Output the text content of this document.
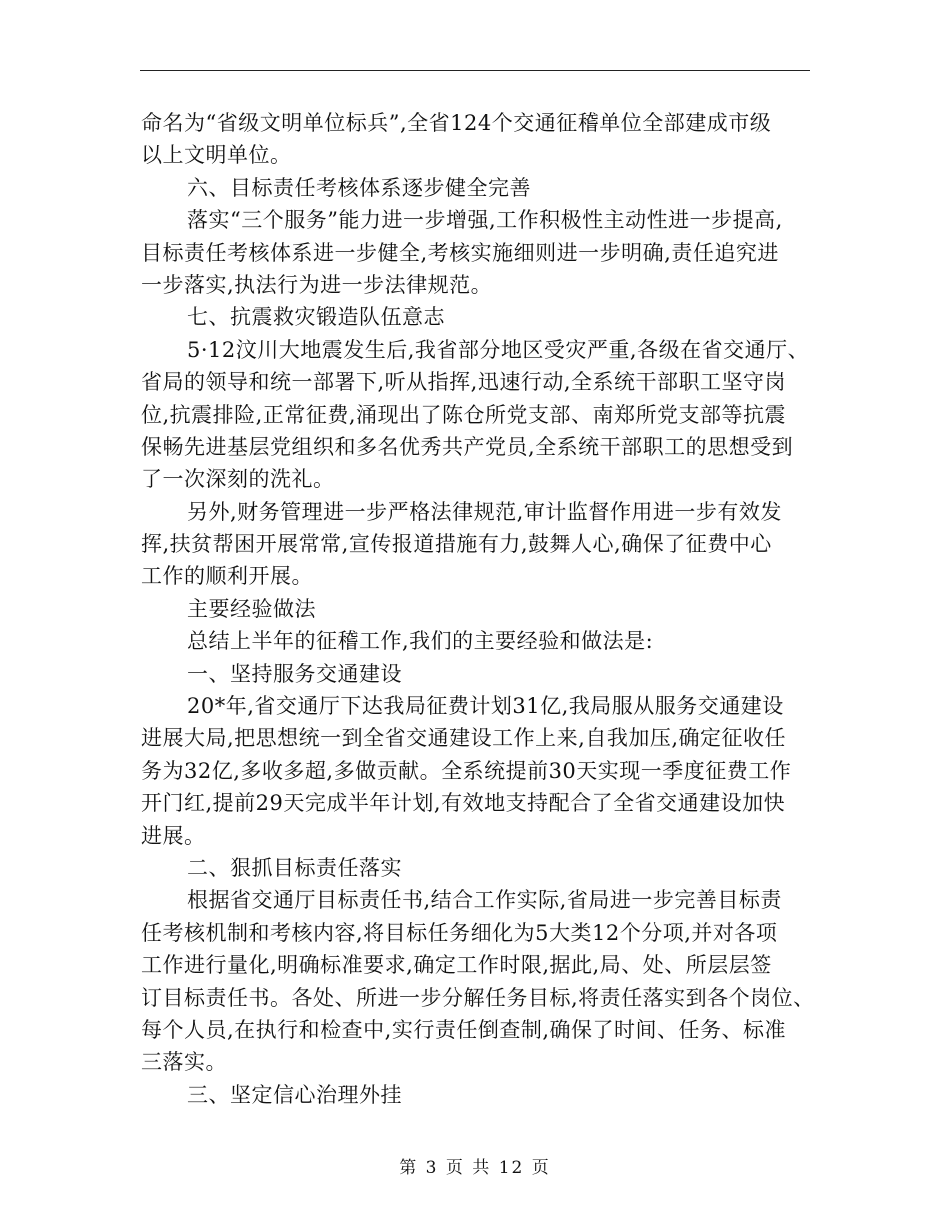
命名为“省级文明单位标兵”,全省124个交通征稽单位全部建成市级
以上文明单位。
六、目标责任考核体系逐步健全完善
落实“三个服务”能力进一步增强,工作积极性主动性进一步提高,
目标责任考核体系进一步健全,考核实施细则进一步明确,责任追究进
一步落实,执法行为进一步法律规范。
七、抗震救灾锻造队伍意志
5·12汶川大地震发生后,我省部分地区受灾严重,各级在省交通厅、
省局的领导和统一部署下,听从指挥,迅速行动,全系统干部职工坚守岗
位,抗震排险,正常征费,涌现出了陈仓所党支部、南郑所党支部等抗震
保畅先进基层党组织和多名优秀共产党员,全系统干部职工的思想受到
了一次深刻的洗礼。
另外,财务管理进一步严格法律规范,审计监督作用进一步有效发
挥,扶贫帮困开展常常,宣传报道措施有力,鼓舞人心,确保了征费中心
工作的顺利开展。
主要经验做法
总结上半年的征稽工作,我们的主要经验和做法是:
一、坚持服务交通建设
20*年,省交通厅下达我局征费计划31亿,我局服从服务交通建设
进展大局,把思想统一到全省交通建设工作上来,自我加压,确定征收任
务为32亿,多收多超,多做贡献。全系统提前30天实现一季度征费工作
开门红,提前29天完成半年计划,有效地支持配合了全省交通建设加快
进展。
二、狠抓目标责任落实
根据省交通厅目标责任书,结合工作实际,省局进一步完善目标责
任考核机制和考核内容,将目标任务细化为5大类12个分项,并对各项
工作进行量化,明确标准要求,确定工作时限,据此,局、处、所层层签
订目标责任书。各处、所进一步分解任务目标,将责任落实到各个岗位、
每个人员,在执行和检查中,实行责任倒查制,确保了时间、任务、标准
三落实。
三、坚定信心治理外挂
第 3 页 共 12 页
